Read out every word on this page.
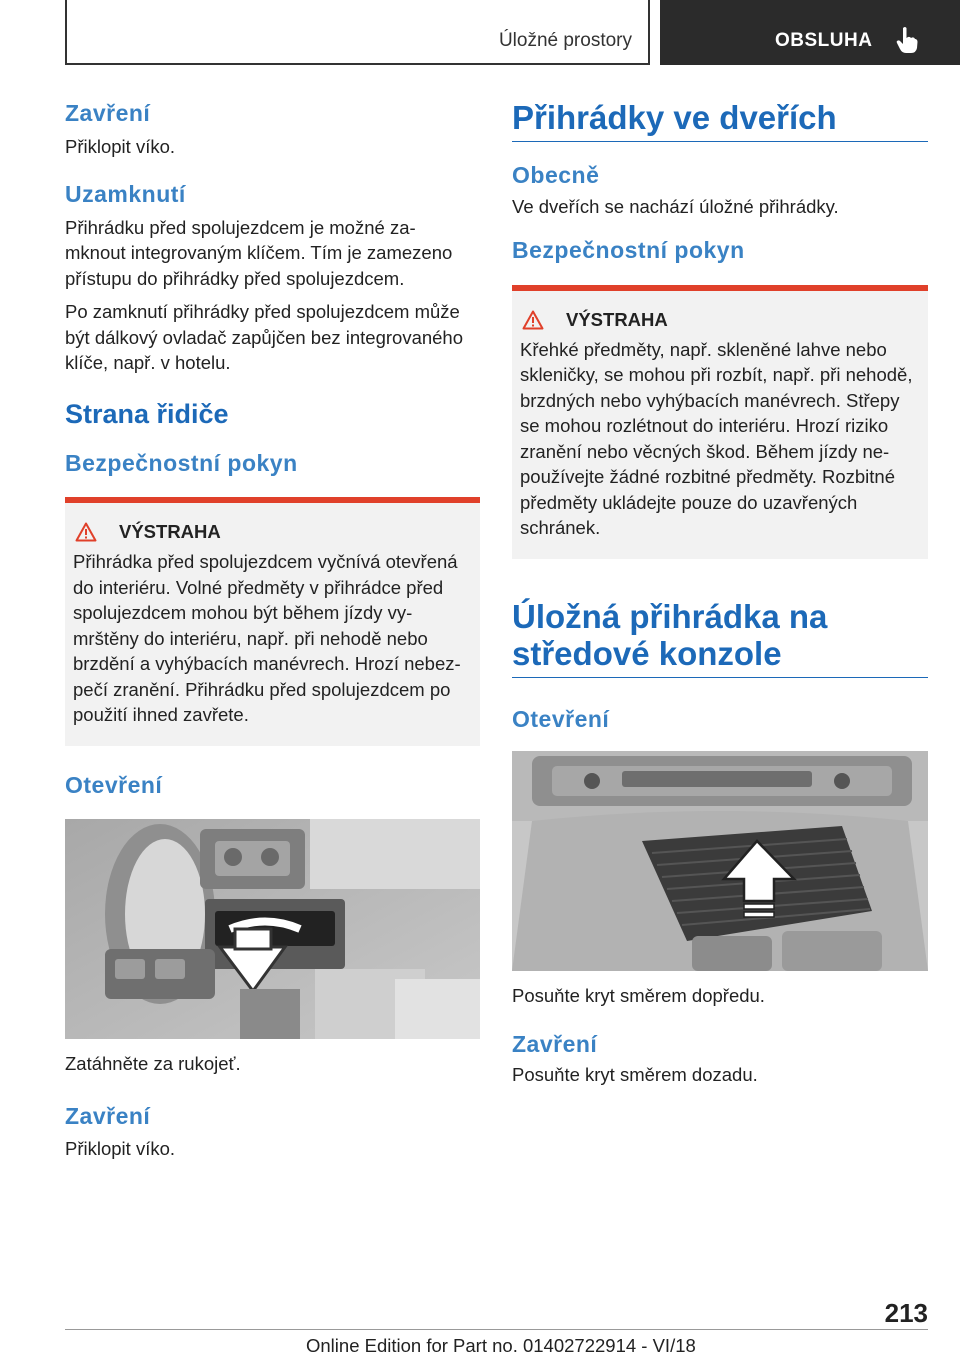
Úložné prostory	OBSLUHA
Zavření

Přiklopit víko.

Uzamknutí

Přihrádku před spolujezdcem je možné za-
mknout integrovaným klíčem. Tím je zamezeno
přístupu do přihrádky před spolujezdcem.

Po zamknutí přihrádky před spolujezdcem může
být dálkový ovladač zapůjčen bez integrovaného
klíče, např. v hotelu.

Strana řidiče
Bezpečnostní pokyn
VÝSTRAHA

Přihrádka před spolujezdcem vyčnívá otevřená
do interiéru. Volné předměty v přihrádce před
spolujezdcem mohou být během jízdy vy-
mrštěny do interiéru, např. při nehodě nebo
brzdění a vyhýbacích manévrech. Hrozí nebez-
pečí zranění. Přihrádku před spolujezdcem po
použití ihned zavřete.

Otevření

Zatáhněte za rukojeť.

Zavření

Přiklopit víko.

Přihrádky ve dveřích
Obecně

Ve dveřích se nachází úložné přihrádky.

Bezpečnostní pokyn
VÝSTRAHA

Křehké předměty, např. skleněné lahve nebo
skleničky, se mohou při rozbít, např. při nehodě,
brzdných nebo vyhýbacích manévrech. Střepy
se mohou rozlétnout do interiéru. Hrozí riziko
zranění nebo věcných škod. Během jízdy ne-
používejte žádné rozbitné předměty. Rozbitné
předměty ukládejte pouze do uzavřených
schránek.

Úložná přihrádka na
středové konzole
Otevření

Posuňte kryt směrem dopředu.

Zavření

Posuňte kryt směrem dozadu.

213
Online Edition for Part no. 01402722914 - VI/18
